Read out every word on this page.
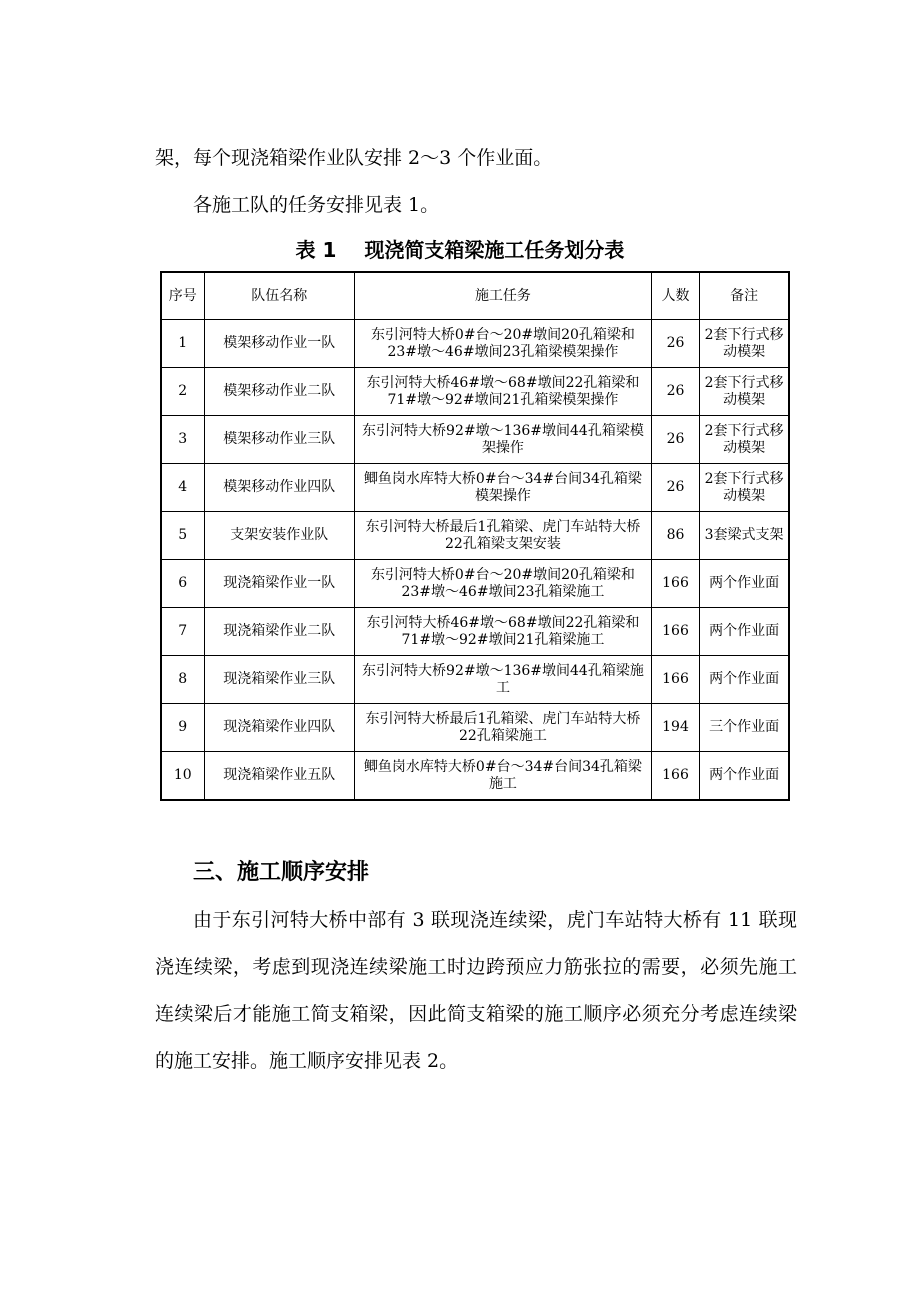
架，每个现浇箱梁作业队安排 2～3 个作业面。

各施工队的任务安排见表 1。

表 1 现浇简支箱梁施工任务划分表
序号	队伍名称	施工任务	人数	备注
1	模架移动作业一队	东引河特大桥0#台～20#墩间20孔箱梁和23#墩～46#墩间23孔箱梁模架操作	26	2套下行式移动模架
2	模架移动作业二队	东引河特大桥46#墩～68#墩间22孔箱梁和71#墩～92#墩间21孔箱梁模架操作	26	2套下行式移动模架
3	模架移动作业三队	东引河特大桥92#墩～136#墩间44孔箱梁模架操作	26	2套下行式移动模架
4	模架移动作业四队	鲫鱼岗水库特大桥0#台～34#台间34孔箱梁模架操作	26	2套下行式移动模架
5	支架安装作业队	东引河特大桥最后1孔箱梁、虎门车站特大桥22孔箱梁支架安装	86	3套梁式支架
6	现浇箱梁作业一队	东引河特大桥0#台～20#墩间20孔箱梁和23#墩～46#墩间23孔箱梁施工	166	两个作业面
7	现浇箱梁作业二队	东引河特大桥46#墩～68#墩间22孔箱梁和71#墩～92#墩间21孔箱梁施工	166	两个作业面
8	现浇箱梁作业三队	东引河特大桥92#墩～136#墩间44孔箱梁施工	166	两个作业面
9	现浇箱梁作业四队	东引河特大桥最后1孔箱梁、虎门车站特大桥22孔箱梁施工	194	三个作业面
10	现浇箱梁作业五队	鲫鱼岗水库特大桥0#台～34#台间34孔箱梁施工	166	两个作业面
三、施工顺序安排

由于东引河特大桥中部有 3 联现浇连续梁，虎门车站特大桥有 11 联现浇连续梁，考虑到现浇连续梁施工时边跨预应力筋张拉的需要，必须先施工连续梁后才能施工简支箱梁，因此简支箱梁的施工顺序必须充分考虑连续梁的施工安排。施工顺序安排见表 2。
